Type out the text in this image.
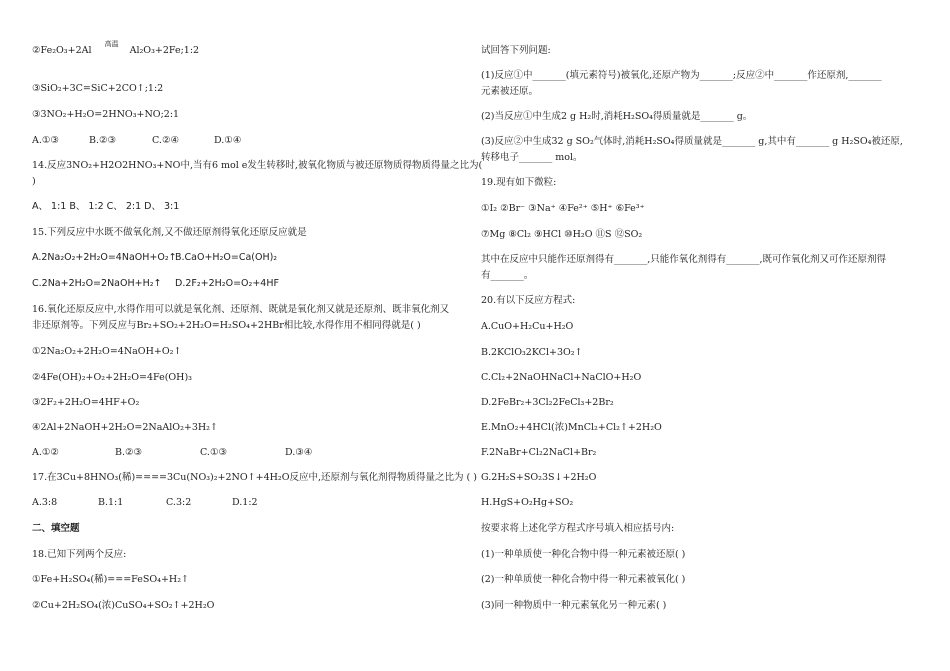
②Fe₂O₃+2Al $^{高温}$ Al₂O₃+2Fe;1:2
③SiO₂+3C=SiC+2CO↑;1:2
③3NO₂+H₂O=2HNO₃+NO;2:1
A.①③	B.②③	C.②④	D.①④
14.反应3NO₂+H2O2HNO₃+NO中,当有6 mol e发生转移时,被氧化物质与被还原物质得物质得量之比为(
)
A、 1:1 B、 1:2 C、 2:1 D、 3:1
15.下列反应中水既不做氧化剂,又不做还原剂得氧化还原反应就是
A.2Na₂O₂+2H₂O=4NaOH+O₂↑
B.CaO+H₂O=Ca(OH)₂
C.2Na+2H₂O=2NaOH+H₂↑ D.2F₂+2H₂O=O₂+4HF
16.氧化还原反应中,水得作用可以就是氧化剂、还原剂、既就是氧化剂又就是还原剂、既非氧化剂又
非还原剂等。下列反应与Br₂+SO₂+2H₂O=H₂SO₄+2HBr相比较,水得作用不相同得就是( )
①2Na₂O₂+2H₂O=4NaOH+O₂↑
②4Fe(OH)₂+O₂+2H₂O=4Fe(OH)₃
③2F₂+2H₂O=4HF+O₂
④2Al+2NaOH+2H₂O=2NaAlO₂+3H₂↑
A.①②	B.②③	C.①③	D.③④
17.在3Cu+8HNO₃(稀)====3Cu(NO₃)₂+2NO↑+4H₂O反应中,还原剂与氧化剂得物质得量之比为 ( )
A.3:8	B.1:1	C.3:2	D.1:2
二、填空题
18.已知下列两个反应:
①Fe+H₂SO₄(稀)===FeSO₄+H₂↑
②Cu+2H₂SO₄(浓)CuSO₄+SO₂↑+2H₂O
试回答下列问题:
(1)反应①中_______(填元素符号)被氧化,还原产物为_______;反应②中_______作还原剂,_______
元素被还原。
(2)当反应①中生成2 g H₂时,消耗H₂SO₄得质量就是_______ g。
(3)反应②中生成32 g SO₂气体时,消耗H₂SO₄得质量就是_______ g,其中有_______ g H₂SO₄被还原,
转移电子_______ mol。
19.现有如下微粒:
①I₂ ②Br⁻ ③Na⁺ ④Fe²⁺ ⑤H⁺ ⑥Fe³⁺
⑦Mg ⑧Cl₂ ⑨HCl ⑩H₂O ⑪S ⑫SO₂
其中在反应中只能作还原剂得有_______,只能作氧化剂得有_______,既可作氧化剂又可作还原剂得
有_______。
20.有以下反应方程式:
A.CuO+H₂Cu+H₂O
B.2KClO₃2KCl+3O₂↑
C.Cl₂+2NaOHNaCl+NaClO+H₂O
D.2FeBr₂+3Cl₂2FeCl₃+2Br₂
E.MnO₂+4HCl(浓)MnCl₂+Cl₂↑+2H₂O
F.2NaBr+Cl₂2NaCl+Br₂
G.2H₂S+SO₂3S↓+2H₂O
H.HgS+O₂Hg+SO₂
按要求将上述化学方程式序号填入相应括号内:
(1)一种单质使一种化合物中得一种元素被还原( )
(2)一种单质使一种化合物中得一种元素被氧化( )
(3)同一种物质中一种元素氧化另一种元素( )
